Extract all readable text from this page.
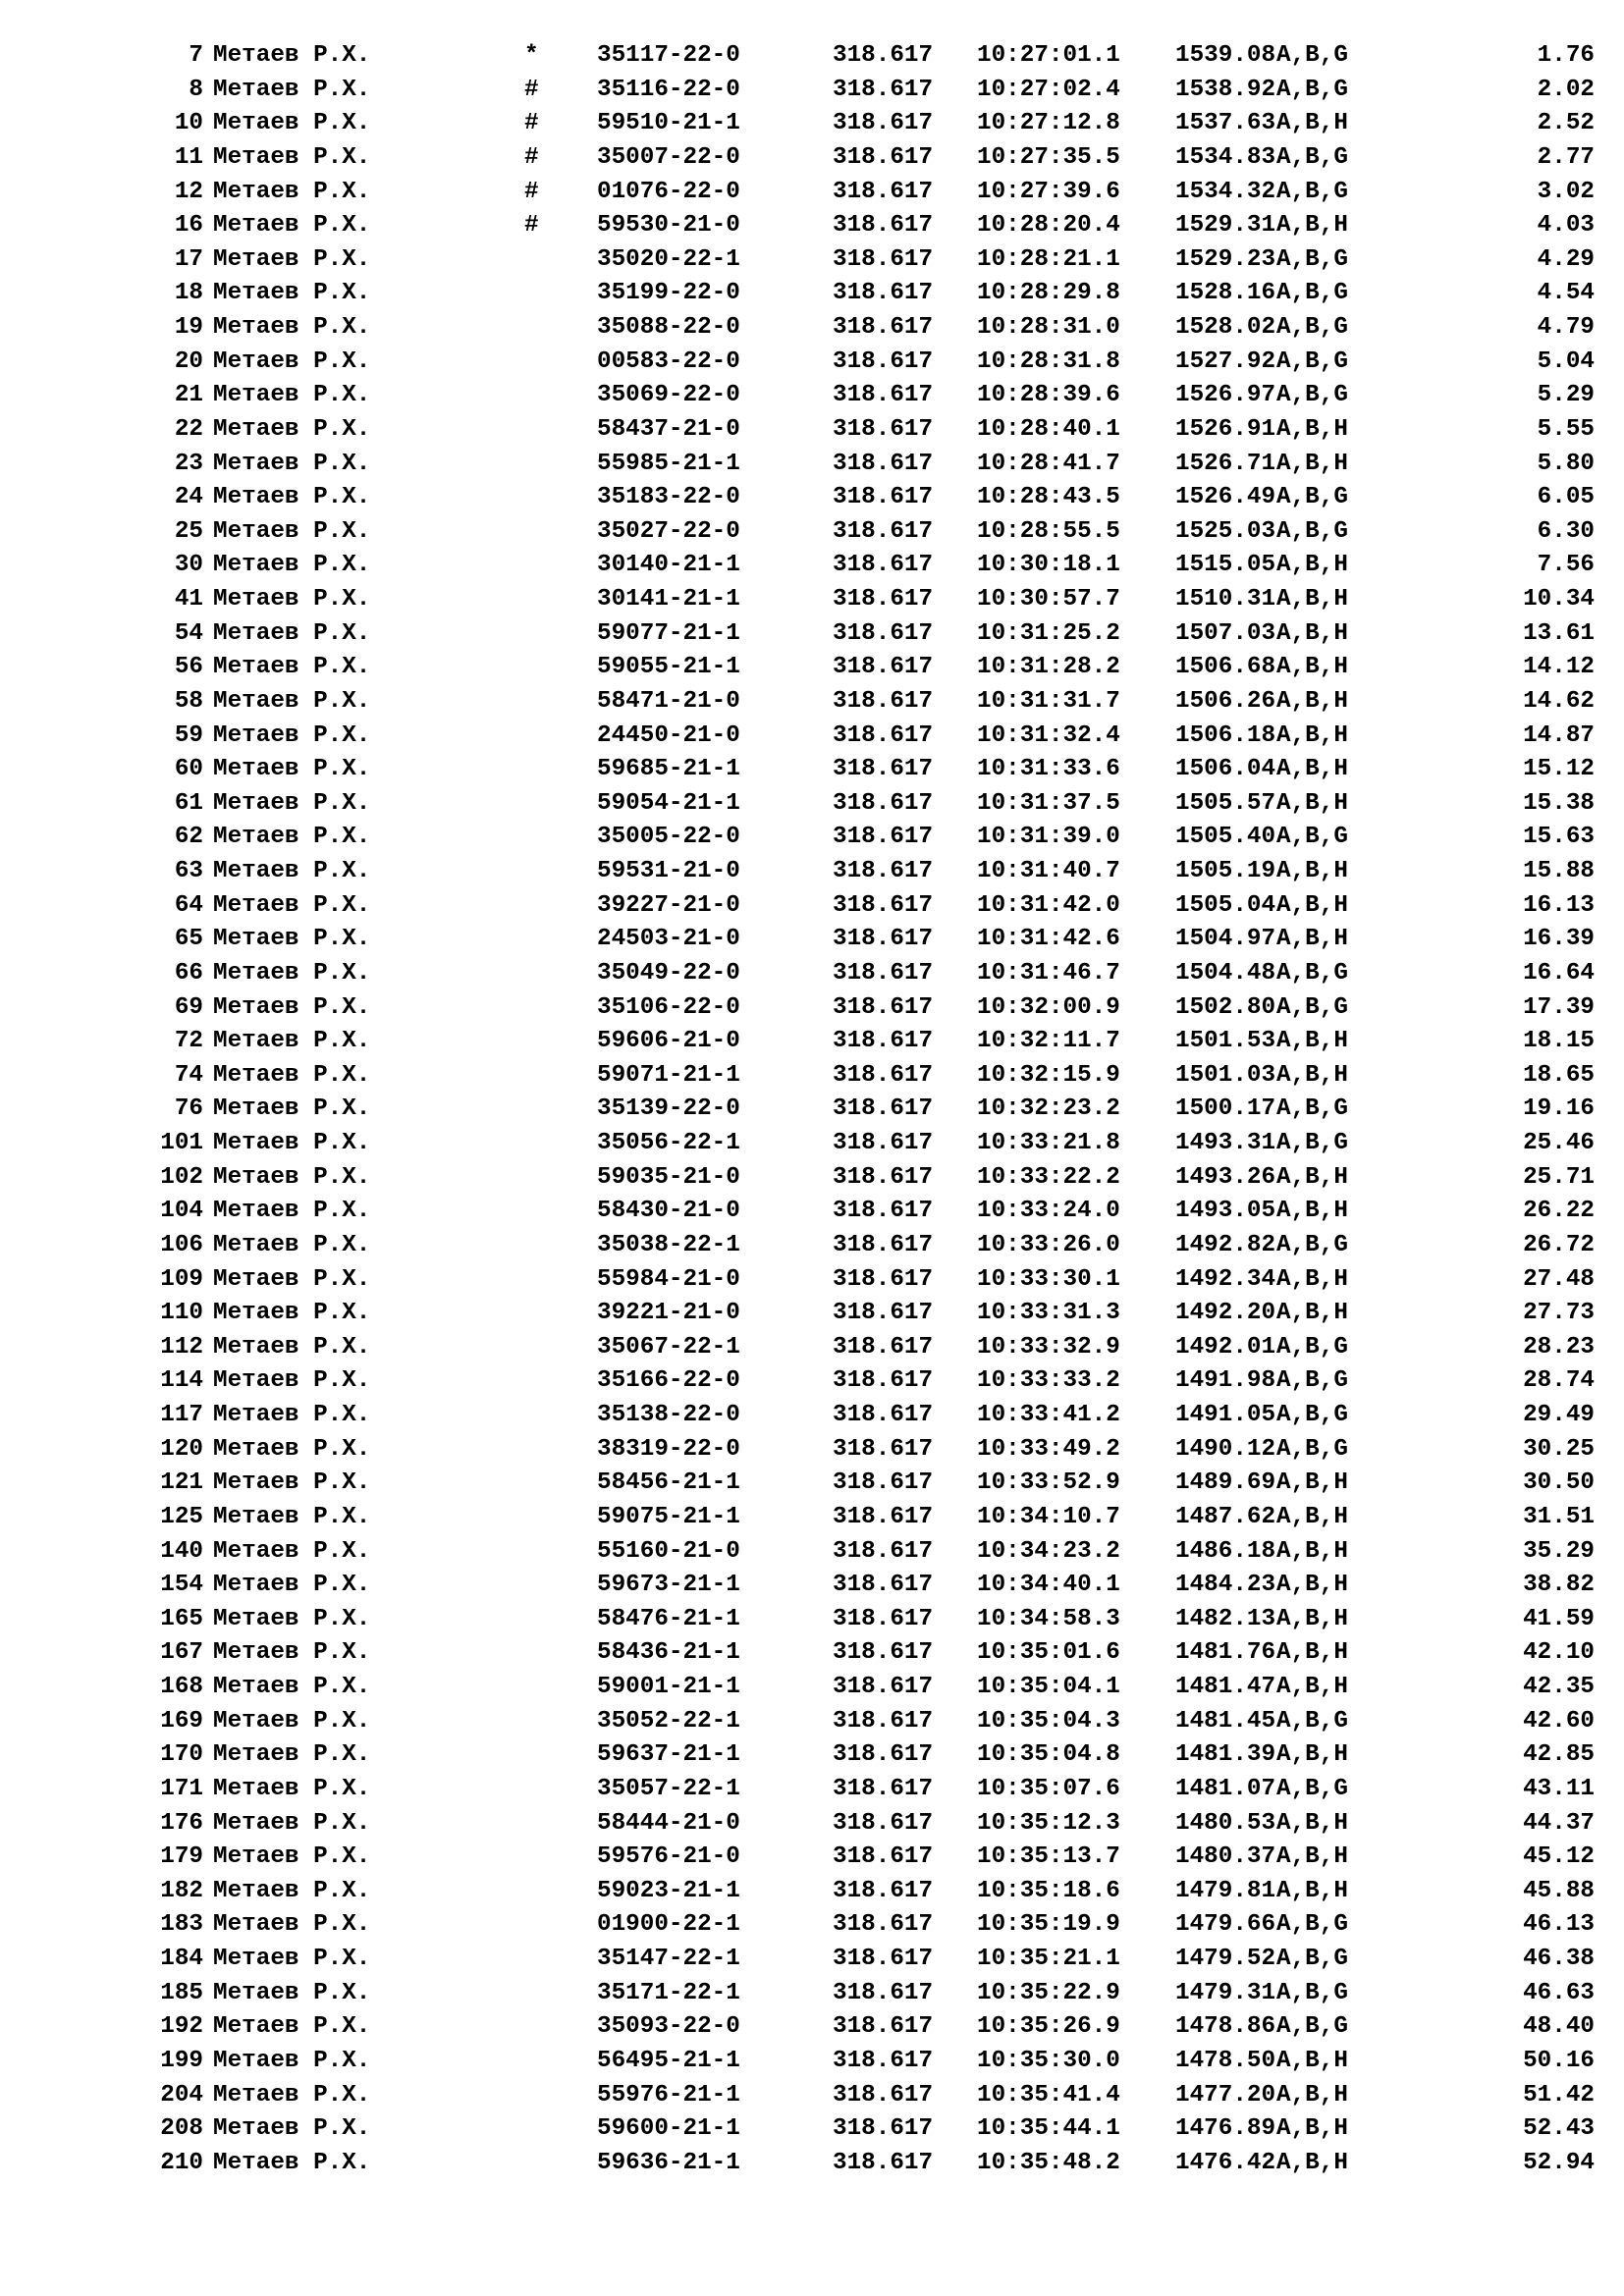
7 Метаев Р.Х.	* 35117-22-0	318.617 10:27:01.1 1539.08 A,B,G	1.76
8 Метаев Р.Х.	# 35116-22-0	318.617 10:27:02.4 1538.92 A,B,G	2.02
10 Метаев Р.Х.	# 59510-21-1	318.617 10:27:12.8 1537.63 A,B,H	2.52
11 Метаев Р.Х.	# 35007-22-0	318.617 10:27:35.5 1534.83 A,B,G	2.77
12 Метаев Р.Х.	# 01076-22-0	318.617 10:27:39.6 1534.32 A,B,G	3.02
16 Метаев Р.Х.	# 59530-21-0	318.617 10:28:20.4 1529.31 A,B,H	4.03
17 Метаев Р.Х.	35020-22-1	318.617 10:28:21.1 1529.23 A,B,G	4.29
18 Метаев Р.Х.	35199-22-0	318.617 10:28:29.8 1528.16 A,B,G	4.54
19 Метаев Р.Х.	35088-22-0	318.617 10:28:31.0 1528.02 A,B,G	4.79
20 Метаев Р.Х.	00583-22-0	318.617 10:28:31.8 1527.92 A,B,G	5.04
21 Метаев Р.Х.	35069-22-0	318.617 10:28:39.6 1526.97 A,B,G	5.29
22 Метаев Р.Х.	58437-21-0	318.617 10:28:40.1 1526.91 A,B,H	5.55
23 Метаев Р.Х.	55985-21-1	318.617 10:28:41.7 1526.71 A,B,H	5.80
24 Метаев Р.Х.	35183-22-0	318.617 10:28:43.5 1526.49 A,B,G	6.05
25 Метаев Р.Х.	35027-22-0	318.617 10:28:55.5 1525.03 A,B,G	6.30
30 Метаев Р.Х.	30140-21-1	318.617 10:30:18.1 1515.05 A,B,H	7.56
41 Метаев Р.Х.	30141-21-1	318.617 10:30:57.7 1510.31 A,B,H	10.34
54 Метаев Р.Х.	59077-21-1	318.617 10:31:25.2 1507.03 A,B,H	13.61
56 Метаев Р.Х.	59055-21-1	318.617 10:31:28.2 1506.68 A,B,H	14.12
58 Метаев Р.Х.	58471-21-0	318.617 10:31:31.7 1506.26 A,B,H	14.62
59 Метаев Р.Х.	24450-21-0	318.617 10:31:32.4 1506.18 A,B,H	14.87
60 Метаев Р.Х.	59685-21-1	318.617 10:31:33.6 1506.04 A,B,H	15.12
61 Метаев Р.Х.	59054-21-1	318.617 10:31:37.5 1505.57 A,B,H	15.38
62 Метаев Р.Х.	35005-22-0	318.617 10:31:39.0 1505.40 A,B,G	15.63
63 Метаев Р.Х.	59531-21-0	318.617 10:31:40.7 1505.19 A,B,H	15.88
64 Метаев Р.Х.	39227-21-0	318.617 10:31:42.0 1505.04 A,B,H	16.13
65 Метаев Р.Х.	24503-21-0	318.617 10:31:42.6 1504.97 A,B,H	16.39
66 Метаев Р.Х.	35049-22-0	318.617 10:31:46.7 1504.48 A,B,G	16.64
69 Метаев Р.Х.	35106-22-0	318.617 10:32:00.9 1502.80 A,B,G	17.39
72 Метаев Р.Х.	59606-21-0	318.617 10:32:11.7 1501.53 A,B,H	18.15
74 Метаев Р.Х.	59071-21-1	318.617 10:32:15.9 1501.03 A,B,H	18.65
76 Метаев Р.Х.	35139-22-0	318.617 10:32:23.2 1500.17 A,B,G	19.16
101 Метаев Р.Х.	35056-22-1	318.617 10:33:21.8 1493.31 A,B,G	25.46
102 Метаев Р.Х.	59035-21-0	318.617 10:33:22.2 1493.26 A,B,H	25.71
104 Метаев Р.Х.	58430-21-0	318.617 10:33:24.0 1493.05 A,B,H	26.22
106 Метаев Р.Х.	35038-22-1	318.617 10:33:26.0 1492.82 A,B,G	26.72
109 Метаев Р.Х.	55984-21-0	318.617 10:33:30.1 1492.34 A,B,H	27.48
110 Метаев Р.Х.	39221-21-0	318.617 10:33:31.3 1492.20 A,B,H	27.73
112 Метаев Р.Х.	35067-22-1	318.617 10:33:32.9 1492.01 A,B,G	28.23
114 Метаев Р.Х.	35166-22-0	318.617 10:33:33.2 1491.98 A,B,G	28.74
117 Метаев Р.Х.	35138-22-0	318.617 10:33:41.2 1491.05 A,B,G	29.49
120 Метаев Р.Х.	38319-22-0	318.617 10:33:49.2 1490.12 A,B,G	30.25
121 Метаев Р.Х.	58456-21-1	318.617 10:33:52.9 1489.69 A,B,H	30.50
125 Метаев Р.Х.	59075-21-1	318.617 10:34:10.7 1487.62 A,B,H	31.51
140 Метаев Р.Х.	55160-21-0	318.617 10:34:23.2 1486.18 A,B,H	35.29
154 Метаев Р.Х.	59673-21-1	318.617 10:34:40.1 1484.23 A,B,H	38.82
165 Метаев Р.Х.	58476-21-1	318.617 10:34:58.3 1482.13 A,B,H	41.59
167 Метаев Р.Х.	58436-21-1	318.617 10:35:01.6 1481.76 A,B,H	42.10
168 Метаев Р.Х.	59001-21-1	318.617 10:35:04.1 1481.47 A,B,H	42.35
169 Метаев Р.Х.	35052-22-1	318.617 10:35:04.3 1481.45 A,B,G	42.60
170 Метаев Р.Х.	59637-21-1	318.617 10:35:04.8 1481.39 A,B,H	42.85
171 Метаев Р.Х.	35057-22-1	318.617 10:35:07.6 1481.07 A,B,G	43.11
176 Метаев Р.Х.	58444-21-0	318.617 10:35:12.3 1480.53 A,B,H	44.37
179 Метаев Р.Х.	59576-21-0	318.617 10:35:13.7 1480.37 A,B,H	45.12
182 Метаев Р.Х.	59023-21-1	318.617 10:35:18.6 1479.81 A,B,H	45.88
183 Метаев Р.Х.	01900-22-1	318.617 10:35:19.9 1479.66 A,B,G	46.13
184 Метаев Р.Х.	35147-22-1	318.617 10:35:21.1 1479.52 A,B,G	46.38
185 Метаев Р.Х.	35171-22-1	318.617 10:35:22.9 1479.31 A,B,G	46.63
192 Метаев Р.Х.	35093-22-0	318.617 10:35:26.9 1478.86 A,B,G	48.40
199 Метаев Р.Х.	56495-21-1	318.617 10:35:30.0 1478.50 A,B,H	50.16
204 Метаев Р.Х.	55976-21-1	318.617 10:35:41.4 1477.20 A,B,H	51.42
208 Метаев Р.Х.	59600-21-1	318.617 10:35:44.1 1476.89 A,B,H	52.43
210 Метаев Р.Х.	59636-21-1	318.617 10:35:48.2 1476.42 A,B,H	52.94
